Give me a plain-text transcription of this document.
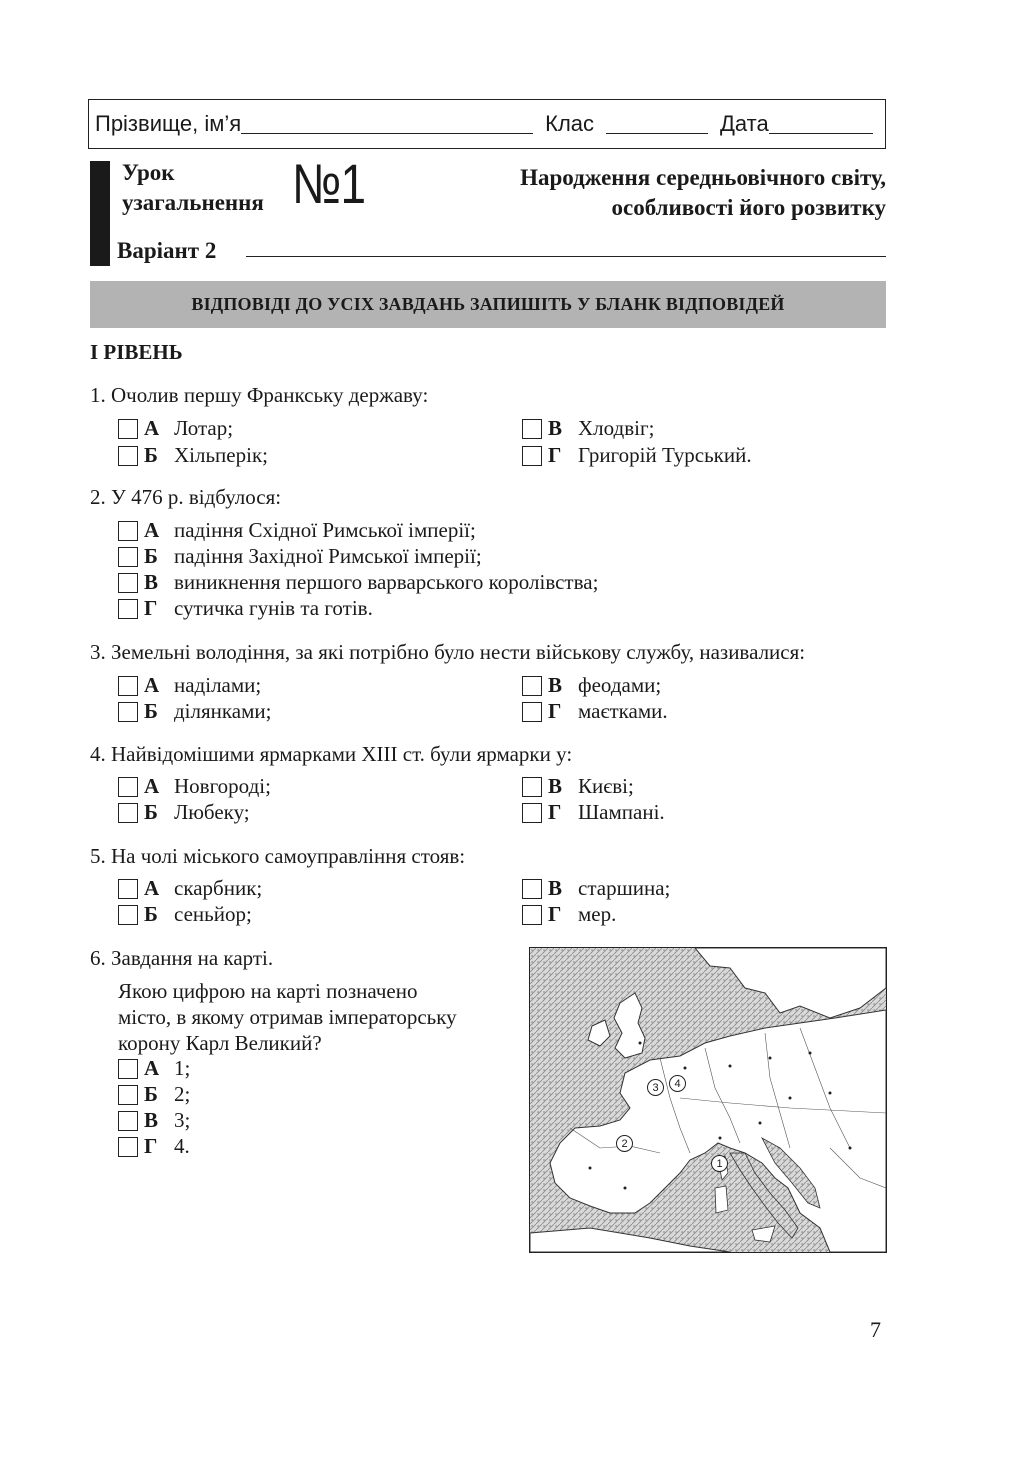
Прізвище, ім’я	Клас	Дата
Урок
узагальнення №1	Народження середньовічного світу,
особливості його розвитку
Варіант 2
ВІДПОВІДІ ДО УСІХ ЗАВДАНЬ ЗАПИШІТЬ У БЛАНК ВІДПОВІДЕЙ
І РІВЕНЬ
1. Очолив першу Франкську державу:
А Лотар;
Б Хільперік;
В Хлодвіг;
Г Григорій Турський.
2. У 476 р. відбулося:
А падіння Східної Римської імперії;
Б падіння Західної Римської імперії;
В виникнення першого варварського королівства;
Г сутичка гунів та готів.
3. Земельні володіння, за які потрібно було нести військову службу, називалися:
А наділами;
Б ділянками;
В феодами;
Г маєтками.
4. Найвідомішими ярмарками XIII ст. були ярмарки у:
А Новгороді;
Б Любеку;
В Києві;
Г Шампані.
5. На чолі міського самоуправління стояв:
А скарбник;
Б сеньйор;
В старшина;
Г мер.
6. Завдання на карті.
Якою цифрою на карті позначено
місто, в якому отримав імператорську
корону Карл Великий?
А 1;
Б 2;
В 3;
Г 4.
1
2
3	4
7
